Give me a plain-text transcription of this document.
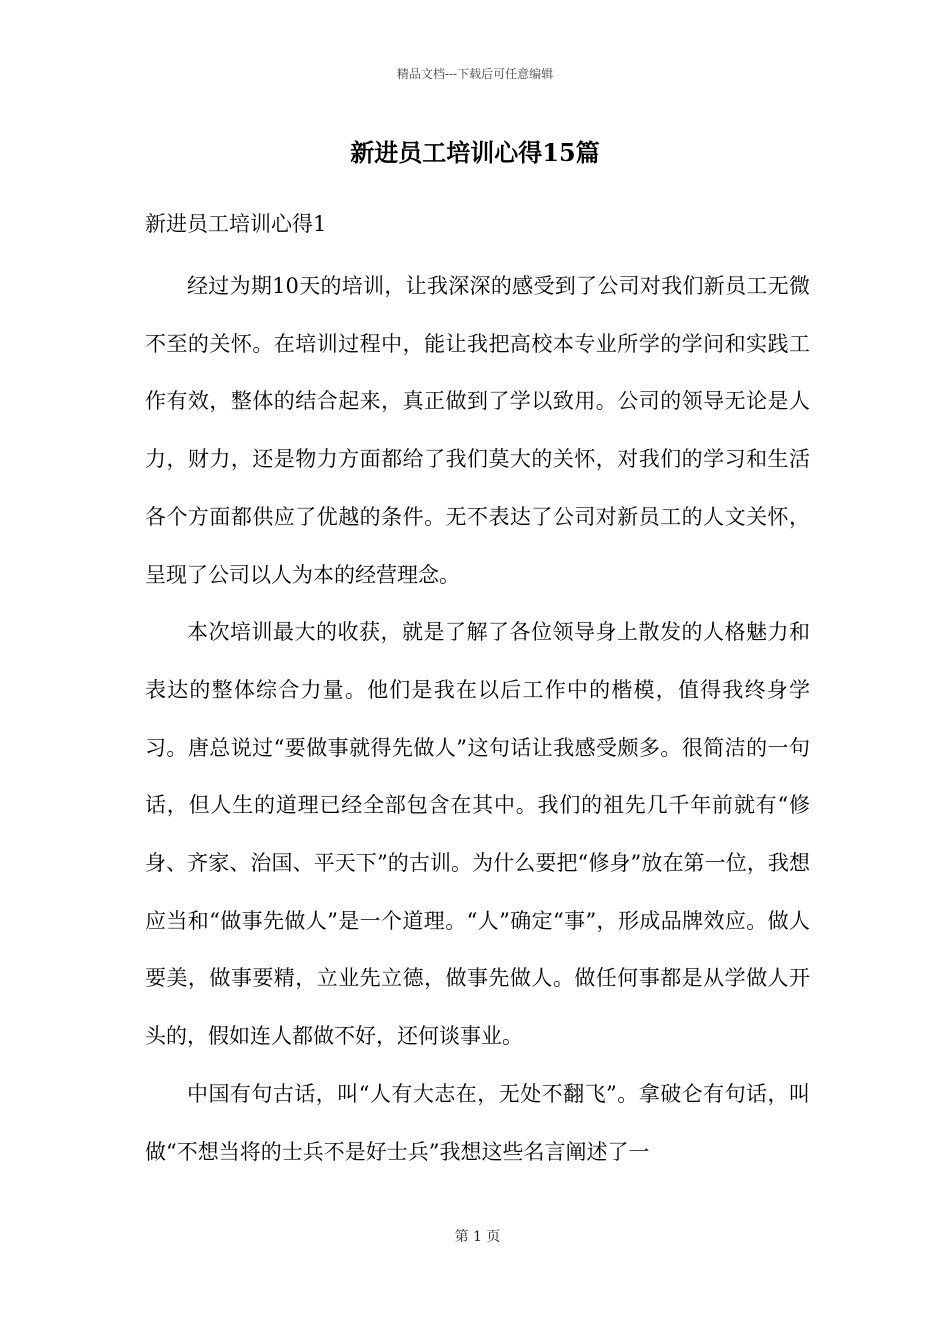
精品文档---下载后可任意编辑
新进员工培训心得15篇
新进员工培训心得1

经过为期10天的培训，让我深深的感受到了公司对我们新员工无微不至的关怀。在培训过程中，能让我把高校本专业所学的学问和实践工作有效，整体的结合起来，真正做到了学以致用。公司的领导无论是人力，财力，还是物力方面都给了我们莫大的关怀，对我们的学习和生活各个方面都供应了优越的条件。无不表达了公司对新员工的人文关怀，呈现了公司以人为本的经营理念。

本次培训最大的收获，就是了解了各位领导身上散发的人格魅力和表达的整体综合力量。他们是我在以后工作中的楷模，值得我终身学习。唐总说过“要做事就得先做人”这句话让我感受颇多。很简洁的一句话，但人生的道理已经全部包含在其中。我们的祖先几千年前就有“修身、齐家、治国、平天下”的古训。为什么要把“修身”放在第一位，我想应当和“做事先做人”是一个道理。“人”确定“事”，形成品牌效应。做人要美，做事要精，立业先立德，做事先做人。做任何事都是从学做人开头的，假如连人都做不好，还何谈事业。

中国有句古话，叫“人有大志在，无处不翻飞”。拿破仑有句话，叫做“不想当将的士兵不是好士兵”我想这些名言阐述了一

第 1 页
